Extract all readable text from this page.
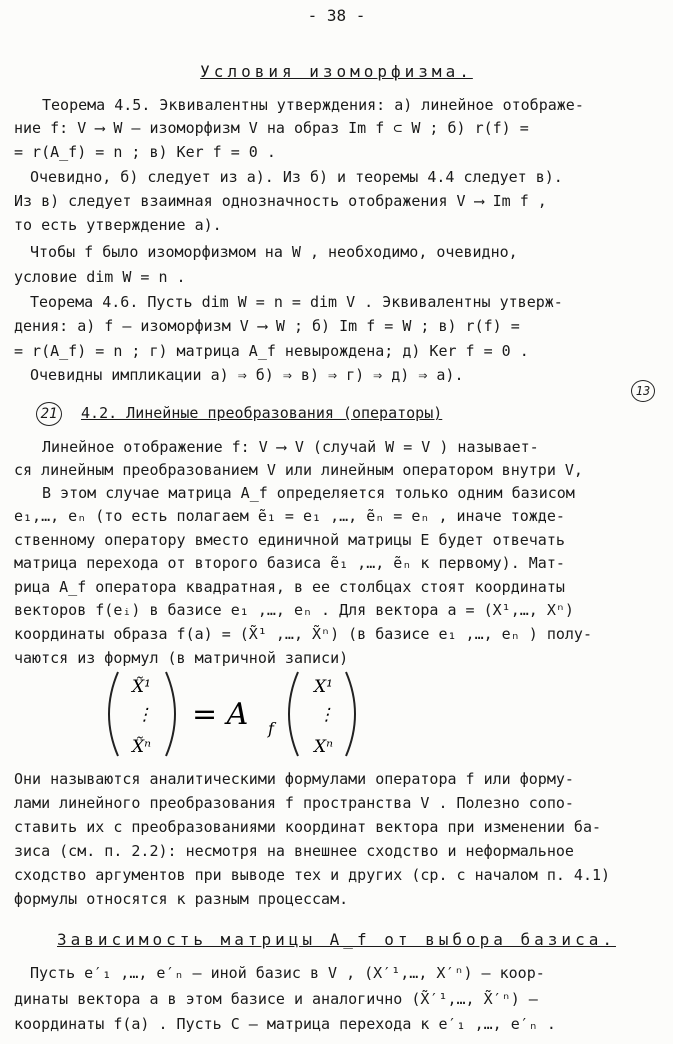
- 38 -
Условия изоморфизма.
Теорема 4.5. Эквивалентны утверждения: а) линейное отображе-
ние f: V ⟶ W – изоморфизм V на образ Im f ⊂ W ; б) r(f) =
= r(A_f) = n ; в) Ker f = 0 .
Очевидно, б) следует из а). Из б) и теоремы 4.4 следует в).
Из в) следует взаимная однозначность отображения V ⟶ Im f ,
то есть утверждение а).
Чтобы f было изоморфизмом на W , необходимо, очевидно,
условие dim W = n .
Теорема 4.6. Пусть dim W = n = dim V . Эквивалентны утверж-
дения: а) f – изоморфизм V ⟶ W ; б) Im f = W ; в) r(f) =
= r(A_f) = n ; г) матрица A_f невырождена; д) Ker f = 0 .
Очевидны импликации а) ⇒ б) ⇒ в) ⇒ г) ⇒ д) ⇒ а).
21 4.2. Линейные преобразования (операторы)
13
Линейное отображение f: V ⟶ V (случай W = V ) называет-
ся линейным преобразованием V или линейным оператором внутри V,
В этом случае матрица A_f определяется только одним базисом
e₁,…, eₙ (то есть полагаем ẽ₁ = e₁ ,…, ẽₙ = eₙ , иначе тожде-
ственному оператору вместо единичной матрицы E будет отвечать
матрица перехода от второго базиса ẽ₁ ,…, ẽₙ к первому). Мат-
рица A_f оператора квадратная, в ее столбцах стоят координаты
векторов f(eᵢ) в базисе e₁ ,…, eₙ . Для вектора a = (X¹,…, Xⁿ)
координаты образа f(a) = (X̃¹ ,…, X̃ⁿ) (в базисе e₁ ,…, eₙ ) полу-
чаются из формул (в матричной записи)
X̃¹
⋮
X̃ⁿ
= A f
X¹
⋮
Xⁿ
Они называются аналитическими формулами оператора f или форму-
лами линейного преобразования f пространства V . Полезно сопо-
ставить их с преобразованиями координат вектора при изменении ба-
зиса (см. п. 2.2): несмотря на внешнее сходство и неформальное
сходство аргументов при выводе тех и других (ср. с началом п. 4.1)
формулы относятся к разным процессам.
Зависимость матрицы A_f от выбора базиса.
Пусть e′₁ ,…, e′ₙ – иной базис в V , (X′¹,…, X′ⁿ) – коор-
динаты вектора a в этом базисе и аналогично (X̃′¹,…, X̃′ⁿ) –
координаты f(a) . Пусть C – матрица перехода к e′₁ ,…, e′ₙ .
